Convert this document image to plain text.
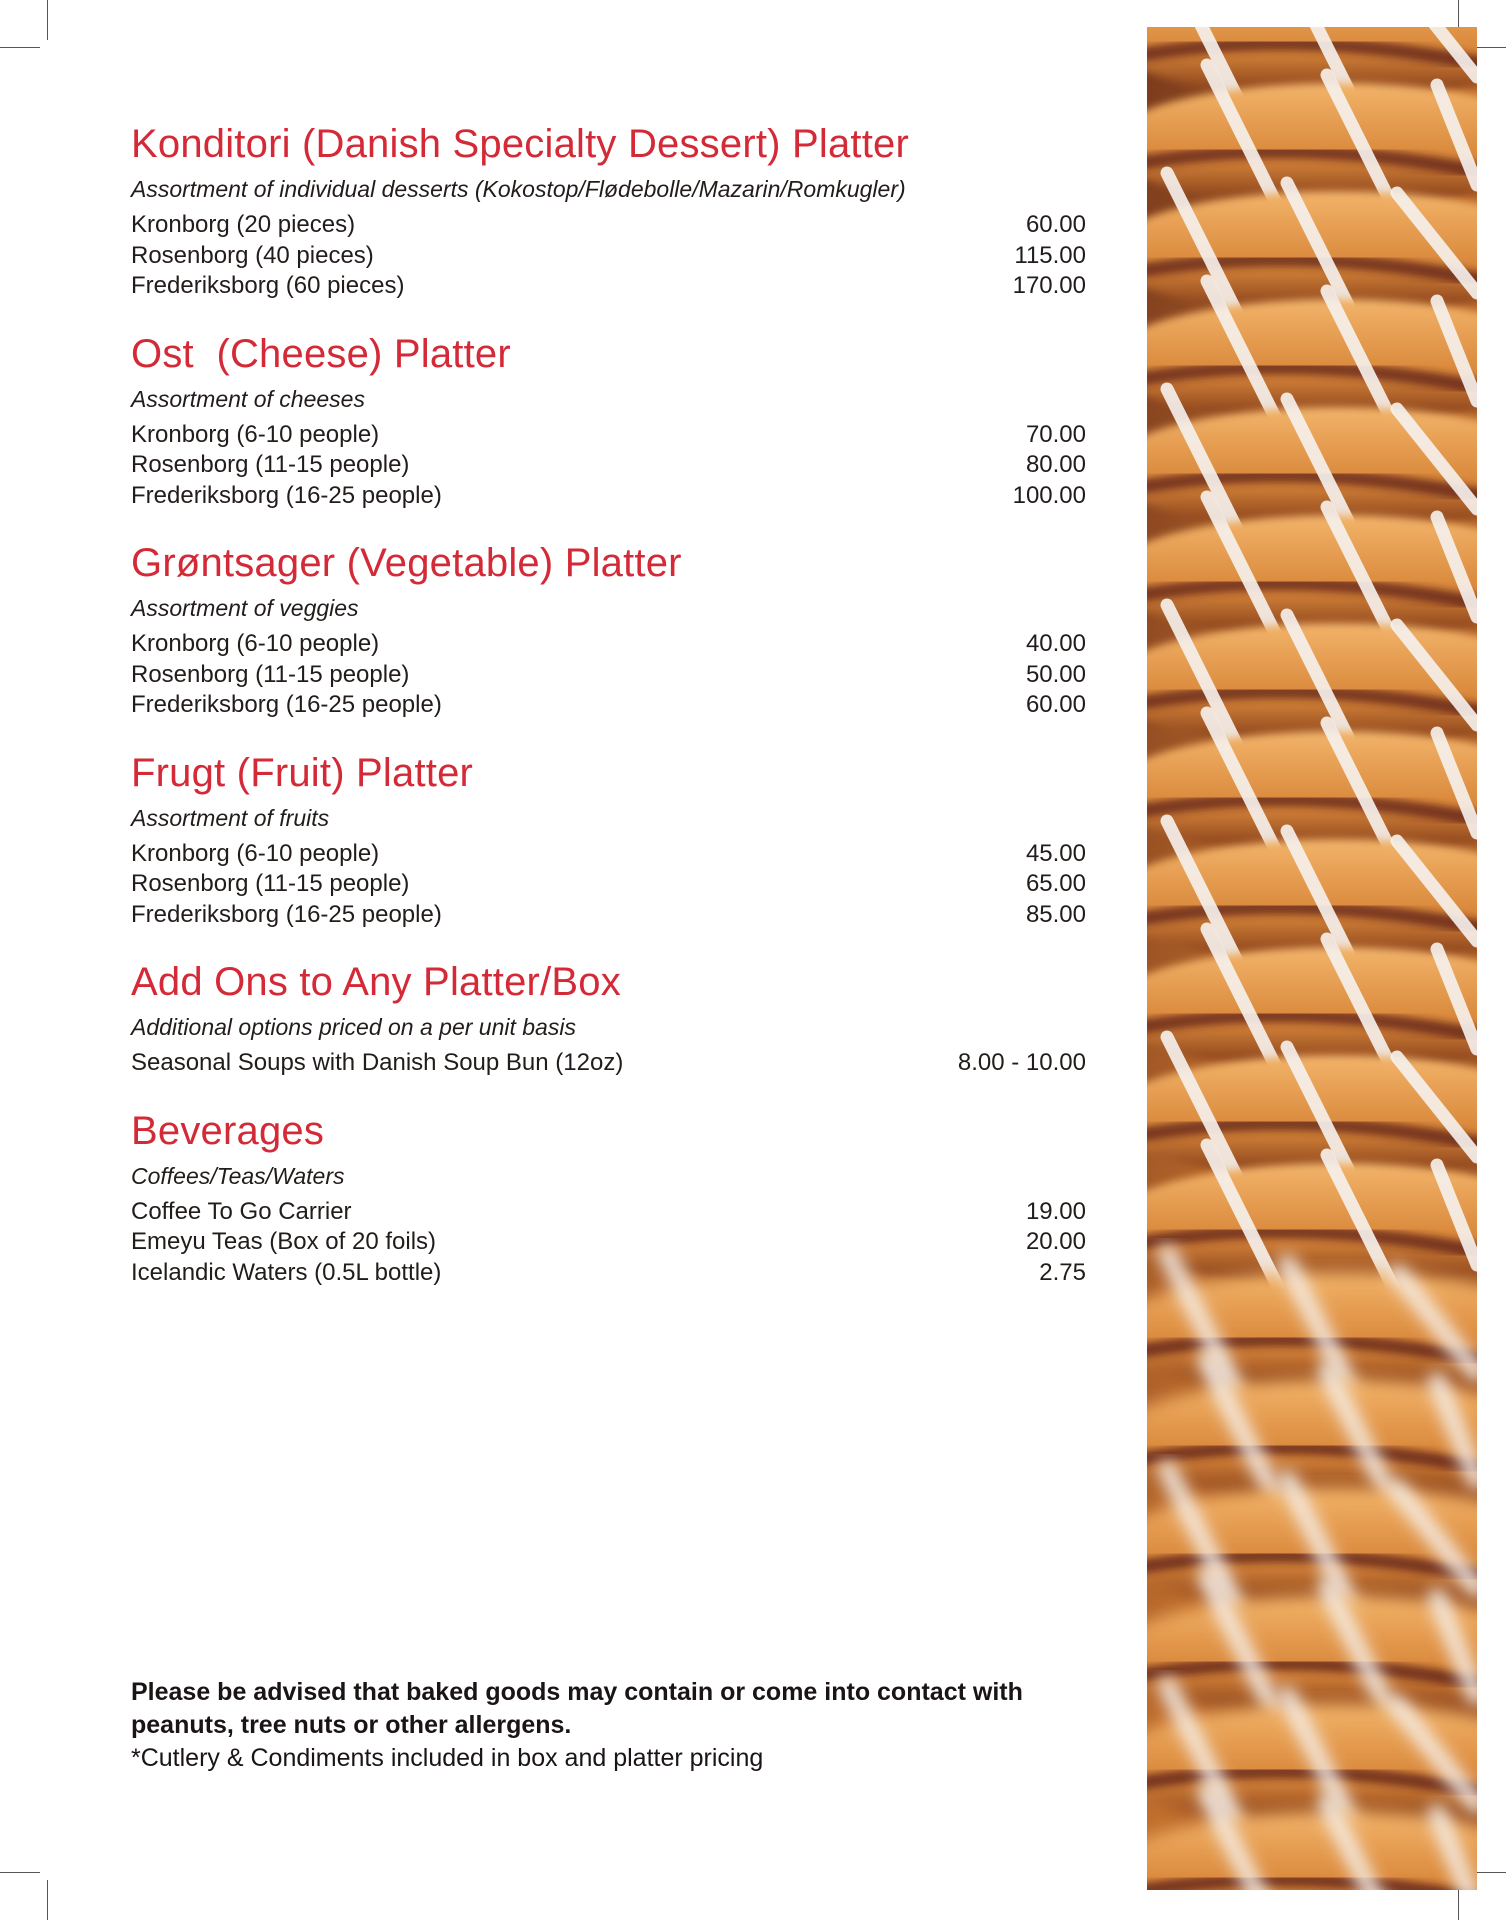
Konditori (Danish Specialty Dessert) Platter
Assortment of individual desserts (Kokostop/Flødebolle/Mazarin/Romkugler)
Kronborg (20 pieces)	60.00
Rosenborg (40 pieces)	115.00
Frederiksborg (60 pieces)	170.00
Ost  (Cheese) Platter
Assortment of cheeses
Kronborg (6-10 people)	70.00
Rosenborg (11-15 people)	80.00
Frederiksborg (16-25 people)	100.00
Grøntsager (Vegetable) Platter
Assortment of veggies
Kronborg (6-10 people)	40.00
Rosenborg (11-15 people)	50.00
Frederiksborg (16-25 people)	60.00
Frugt (Fruit) Platter
Assortment of fruits
Kronborg (6-10 people)	45.00
Rosenborg (11-15 people)	65.00
Frederiksborg (16-25 people)	85.00
Add Ons to Any Platter/Box
Additional options priced on a per unit basis
Seasonal Soups with Danish Soup Bun (12oz)	8.00 - 10.00
Beverages
Coffees/Teas/Waters
Coffee To Go Carrier	19.00
Emeyu Teas (Box of 20 foils)	20.00
Icelandic Waters (0.5L bottle)	2.75

Please be advised that baked goods may contain or come into contact with peanuts, tree nuts or other allergens.

*Cutlery & Condiments included in box and platter pricing
